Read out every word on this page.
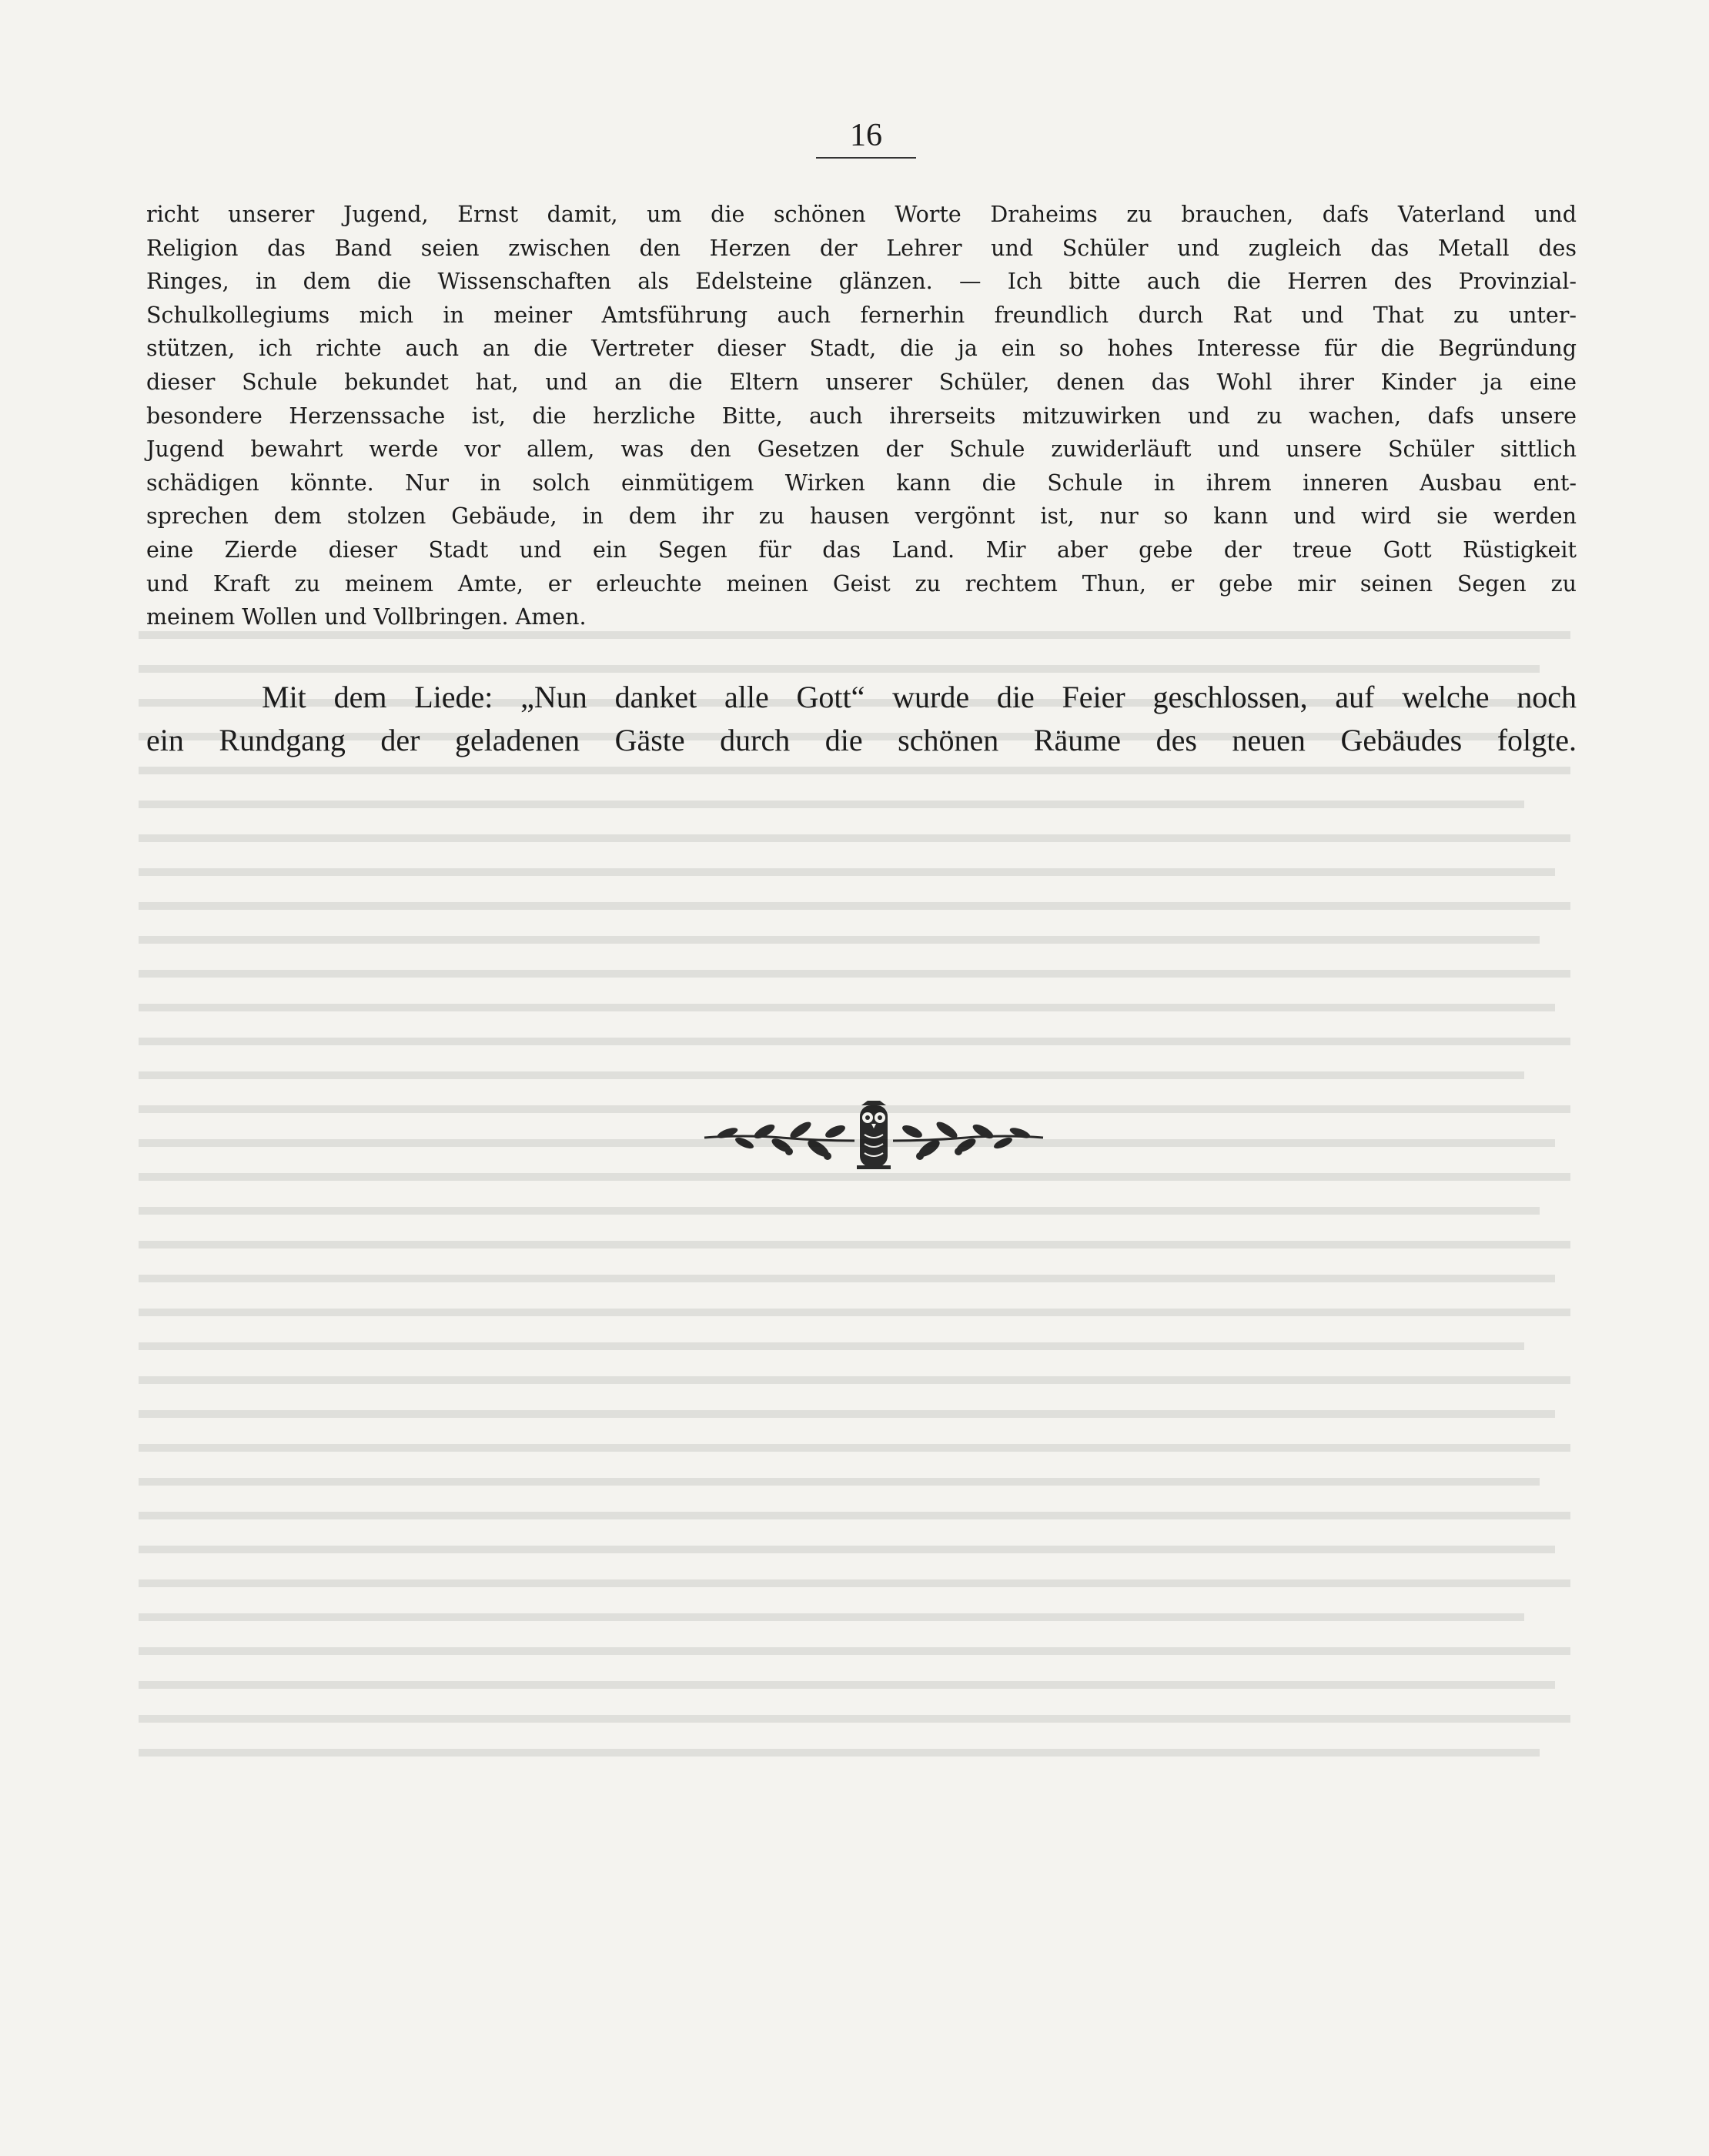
16
richt unserer Jugend, Ernst damit, um die schönen Worte Draheims zu brauchen, dafs Vaterland und
Religion das Band seien zwischen den Herzen der Lehrer und Schüler und zugleich das Metall des
Ringes, in dem die Wissenschaften als Edelsteine glänzen. — Ich bitte auch die Herren des Provinzial-
Schulkollegiums mich in meiner Amtsführung auch fernerhin freundlich durch Rat und That zu unter-
stützen, ich richte auch an die Vertreter dieser Stadt, die ja ein so hohes Interesse für die Begründung
dieser Schule bekundet hat, und an die Eltern unserer Schüler, denen das Wohl ihrer Kinder ja eine
besondere Herzenssache ist, die herzliche Bitte, auch ihrerseits mitzuwirken und zu wachen, dafs unsere
Jugend bewahrt werde vor allem, was den Gesetzen der Schule zuwiderläuft und unsere Schüler sittlich
schädigen könnte. Nur in solch einmütigem Wirken kann die Schule in ihrem inneren Ausbau ent-
sprechen dem stolzen Gebäude, in dem ihr zu hausen vergönnt ist, nur so kann und wird sie werden
eine Zierde dieser Stadt und ein Segen für das Land. Mir aber gebe der treue Gott Rüstigkeit
und Kraft zu meinem Amte, er erleuchte meinen Geist zu rechtem Thun, er gebe mir seinen Segen zu
meinem Wollen und Vollbringen. Amen.
Mit dem Liede: „Nun danket alle Gott“ wurde die Feier geschlossen, auf welche noch
ein Rundgang der geladenen Gäste durch die schönen Räume des neuen Gebäudes folgte.
